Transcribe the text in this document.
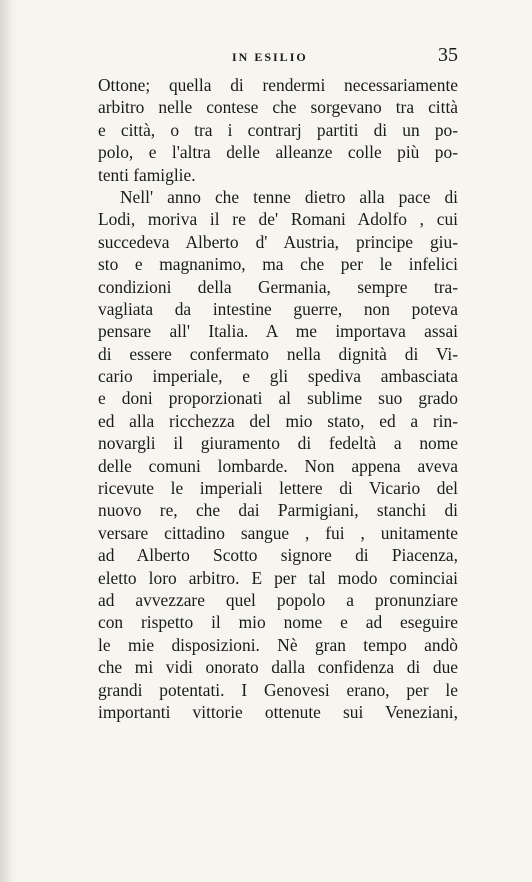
IN ESILIO	35
Ottone; quella di rendermi necessariamente
arbitro nelle contese che sorgevano tra città
e città, o tra i contrarj partiti di un po-
polo, e l'altra delle alleanze colle più po-
tenti famiglie.
Nell' anno che tenne dietro alla pace di
Lodi, moriva il re de' Romani Adolfo , cui
succedeva Alberto d' Austria, principe giu-
sto e magnanimo, ma che per le infelici
condizioni della Germania, sempre tra-
vagliata da intestine guerre, non poteva
pensare all' Italia. A me importava assai
di essere confermato nella dignità di Vi-
cario imperiale, e gli spediva ambasciata
e doni proporzionati al sublime suo grado
ed alla ricchezza del mio stato, ed a rin-
novargli il giuramento di fedeltà a nome
delle comuni lombarde. Non appena aveva
ricevute le imperiali lettere di Vicario del
nuovo re, che dai Parmigiani, stanchi di
versare cittadino sangue , fui , unitamente
ad Alberto Scotto signore di Piacenza,
eletto loro arbitro. E per tal modo cominciai
ad avvezzare quel popolo a pronunziare
con rispetto il mio nome e ad eseguire
le mie disposizioni. Nè gran tempo andò
che mi vidi onorato dalla confidenza di due
grandi potentati. I Genovesi erano, per le
importanti vittorie ottenute sui Veneziani,
